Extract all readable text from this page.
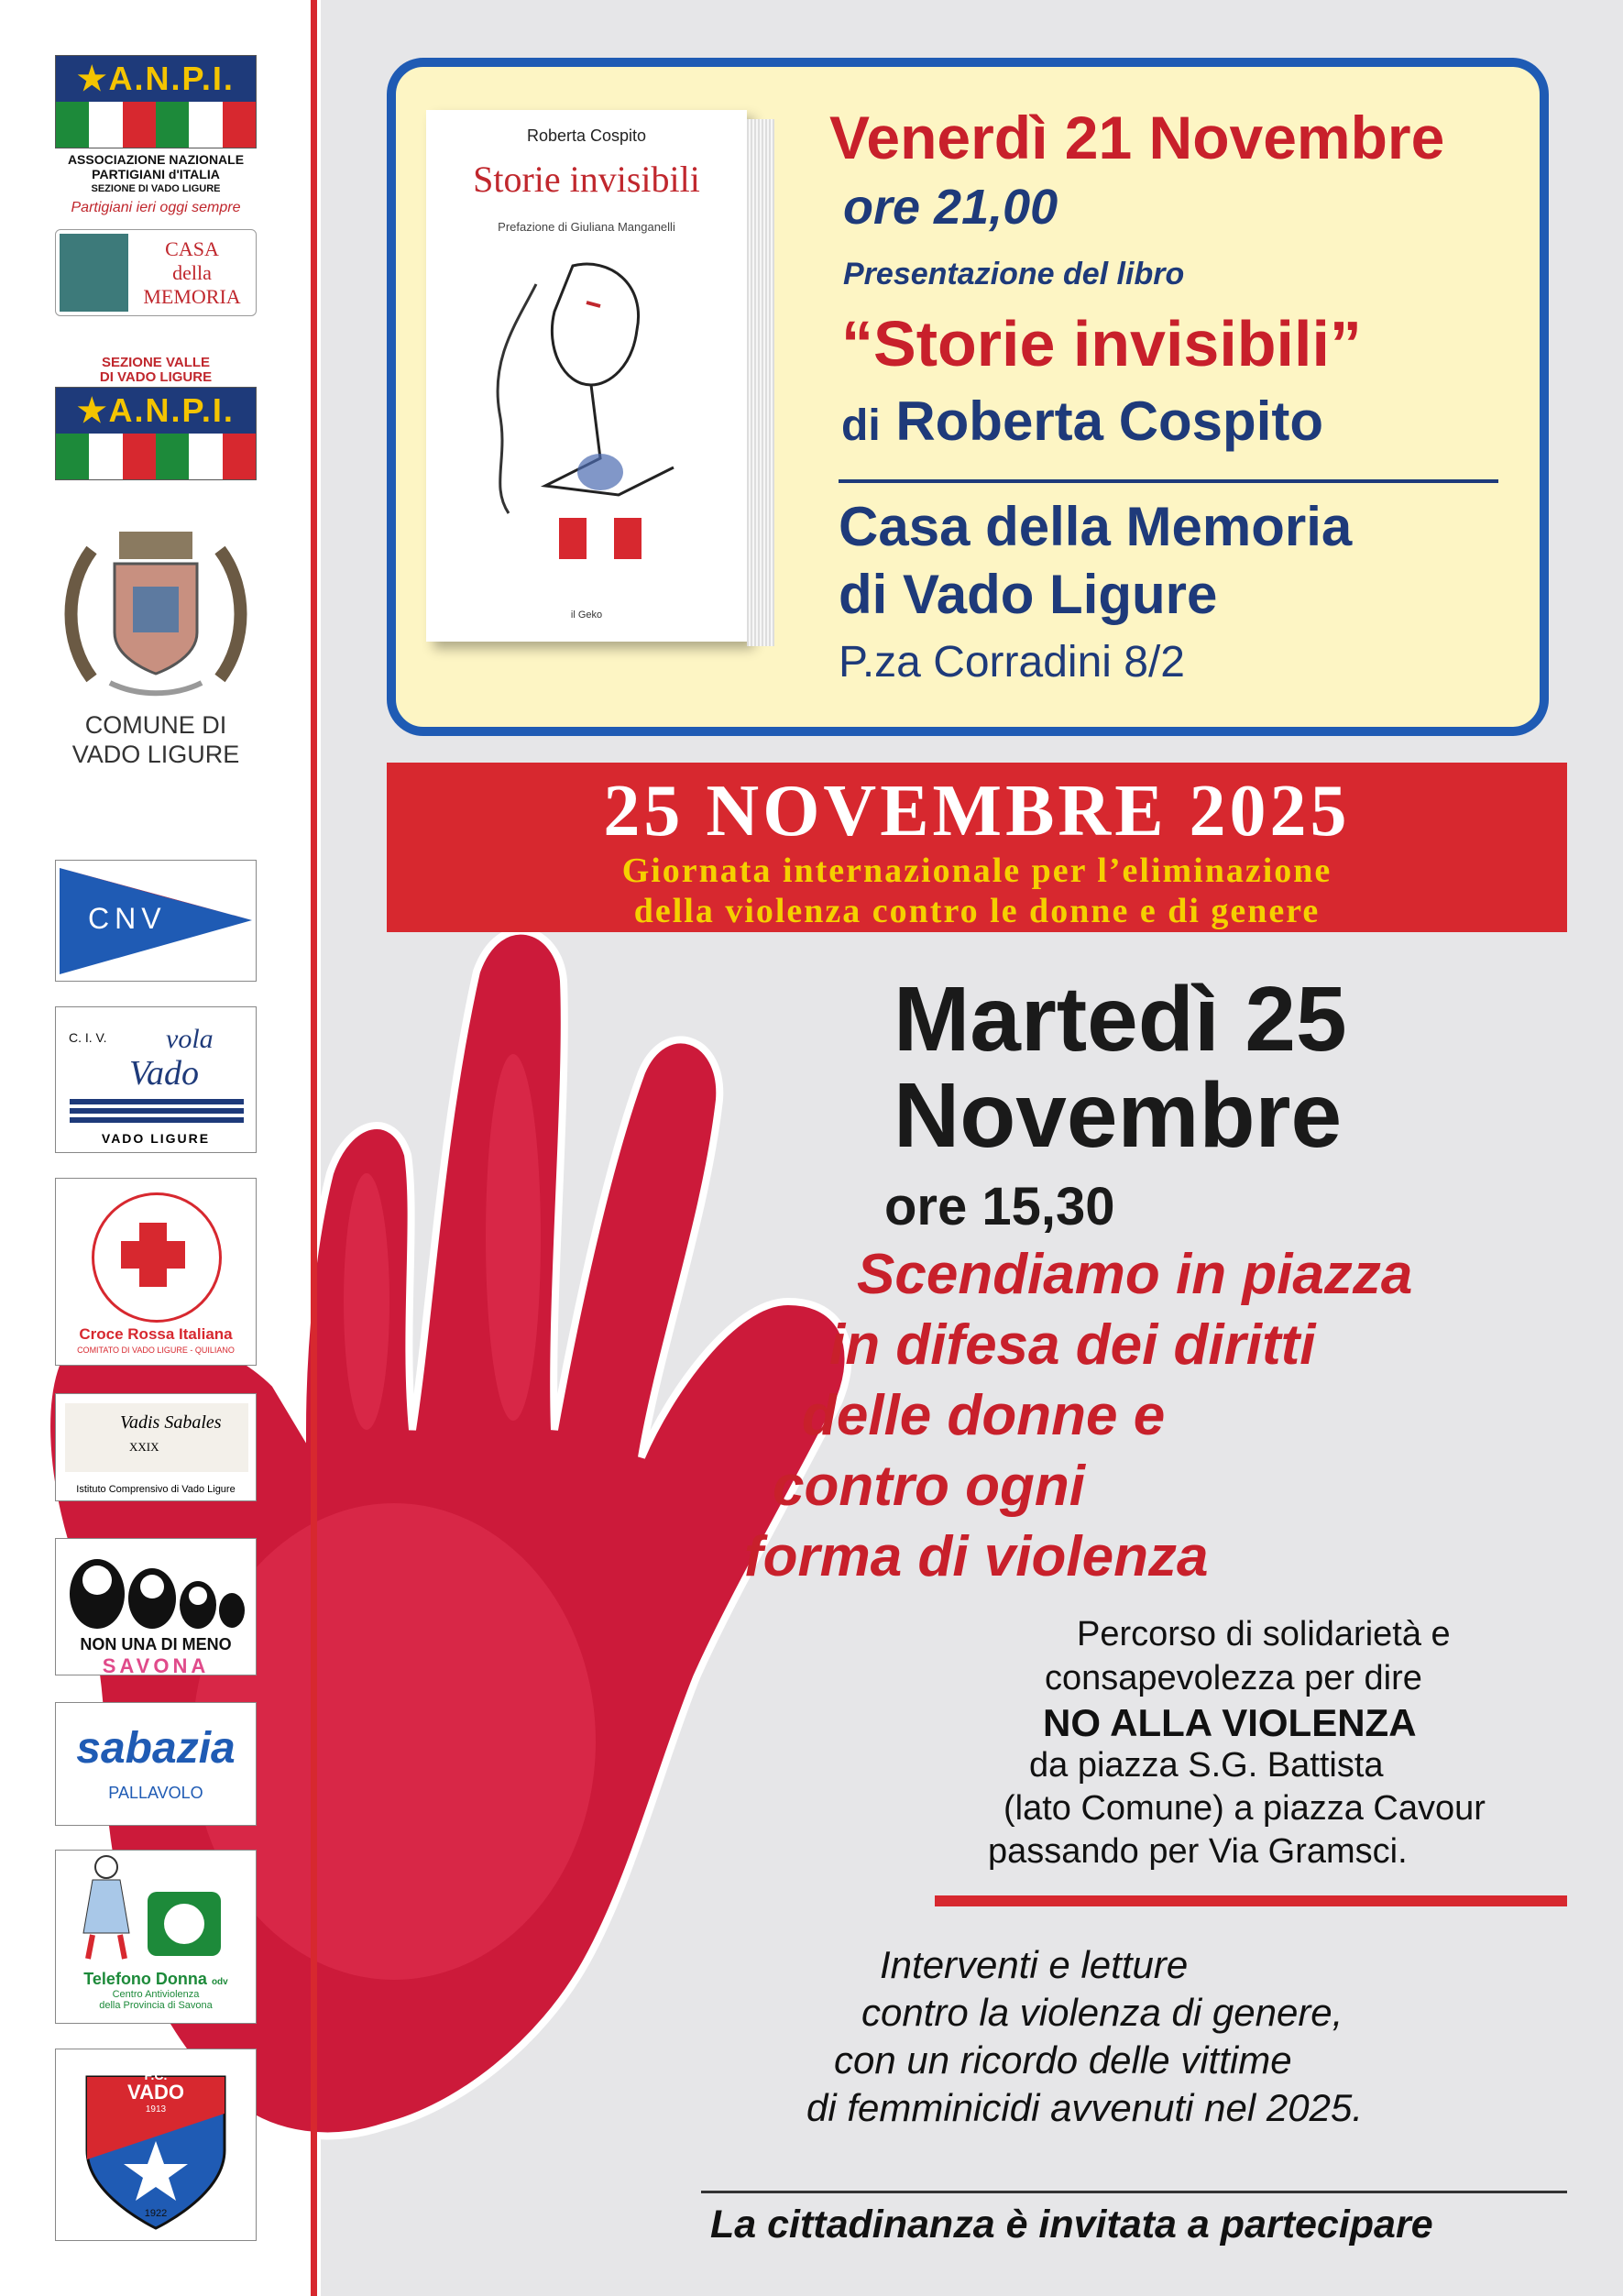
★A.N.P.I.
ASSOCIAZIONE NAZIONALE
PARTIGIANI d'ITALIA
SEZIONE DI VADO LIGURE
Partigiani ieri oggi sempre
CASA
della
MEMORIA
SEZIONE VALLE
DI VADO LIGURE
★A.N.P.I.
COMUNE DI
VADO LIGURE
CNV
C. I. V. vola
Vado
VADO LIGURE
Croce Rossa Italiana
COMITATO DI VADO LIGURE - QUILIANO
Vadis Sabales
XXIX
Istituto Comprensivo di Vado Ligure
NON UNA DI MENO
SAVONA
sabazia
PALLAVOLO
Telefono Donna odv
Centro Antiviolenza
della Provincia di Savona
F.C.
VADO
1913
1922
Roberta Cospito
Storie invisibili
Prefazione di Giuliana Manganelli
il Geko
Venerdì 21 Novembre
ore 21,00
Presentazione del libro
“Storie invisibili”
di Roberta Cospito
Casa della Memoria
di Vado Ligure
P.za Corradini 8/2
25 NOVEMBRE 2025
Giornata internazionale per l’eliminazione
della violenza contro le donne e di genere
Martedì 25
Novembre
ore 15,30
Scendiamo in piazza
in difesa dei diritti
delle donne e
contro ogni
forma di violenza
Percorso di solidarietà e
consapevolezza per dire
NO ALLA VIOLENZA
da piazza S.G. Battista
(lato Comune) a piazza Cavour
passando per Via Gramsci.
Interventi e letture
contro la violenza di genere,
con un ricordo delle vittime
di femminicidi avvenuti nel 2025.
La cittadinanza è invitata a partecipare
